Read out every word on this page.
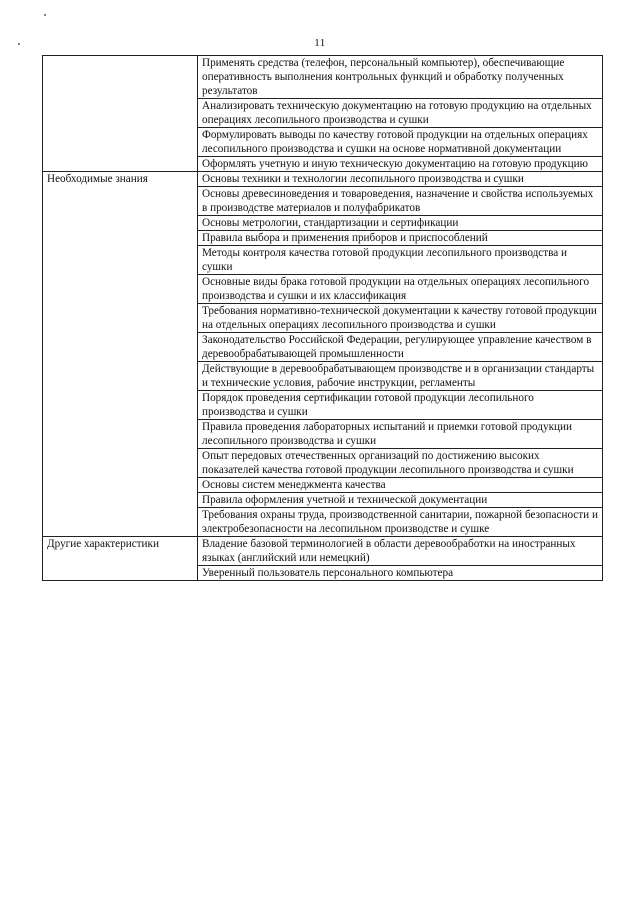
11
	Применять средства (телефон, персональный компьютер), обеспечивающие оперативность выполнения контрольных функций и обработку полученных результатов
	Анализировать техническую документацию на готовую продукцию на отдельных операциях лесопильного производства и сушки
	Формулировать выводы по качеству готовой продукции на отдельных операциях лесопильного производства и сушки на основе нормативной документации
	Оформлять учетную и иную техническую документацию на готовую продукцию
Необходимые знания	Основы техники и технологии лесопильного производства и сушки
	Основы древесиноведения и товароведения, назначение и свойства используемых в производстве материалов и полуфабрикатов
	Основы метрологии, стандартизации и сертификации
	Правила выбора и применения приборов и приспособлений
	Методы контроля качества готовой продукции лесопильного производства и сушки
	Основные виды брака готовой продукции на отдельных операциях лесопильного производства и сушки и их классификация
	Требования нормативно-технической документации к качеству готовой продукции на отдельных операциях лесопильного производства и сушки
	Законодательство Российской Федерации, регулирующее управление качеством в деревообрабатывающей промышленности
	Действующие в деревообрабатывающем производстве и в организации стандарты и технические условия, рабочие инструкции, регламенты
	Порядок проведения сертификации готовой продукции лесопильного производства и сушки
	Правила проведения лабораторных испытаний и приемки готовой продукции лесопильного производства и сушки
	Опыт передовых отечественных организаций по достижению высоких показателей качества готовой продукции лесопильного производства и сушки
	Основы систем менеджмента качества
	Правила оформления учетной и технической документации
	Требования охраны труда, производственной санитарии, пожарной безопасности и электробезопасности на лесопильном производстве и сушке
Другие характеристики	Владение базовой терминологией в области деревообработки на иностранных языках (английский или немецкий)
	Уверенный пользователь персонального компьютера
